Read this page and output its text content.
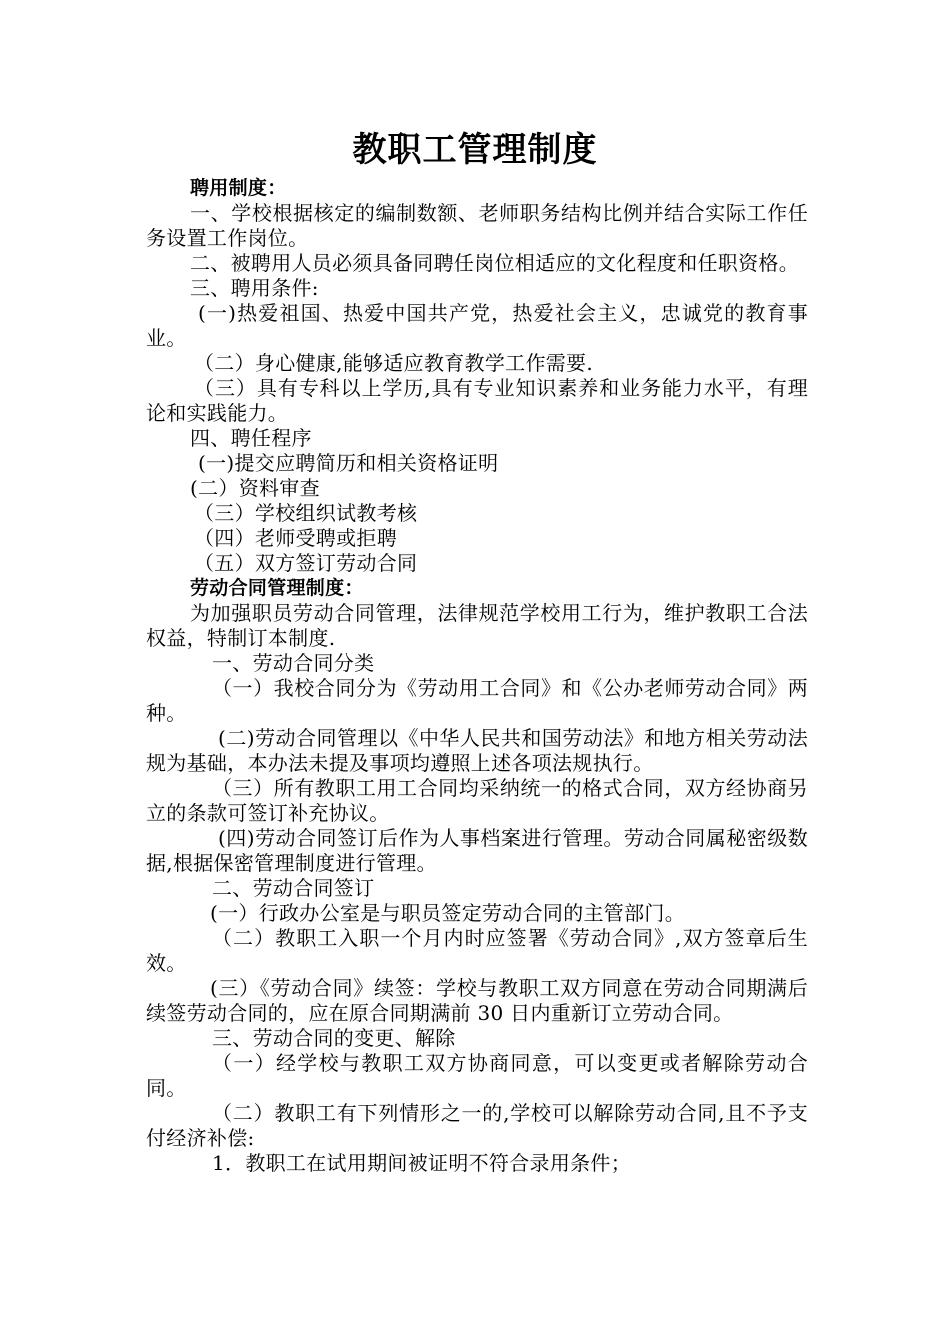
教职工管理制度

聘用制度：

一、学校根据核定的编制数额、老师职务结构比例并结合实际工作任务设置工作岗位。

二、被聘用人员必须具备同聘任岗位相适应的文化程度和任职资格。

三、聘用条件:

(一)热爱祖国、热爱中国共产党，热爱社会主义，忠诚党的教育事业。

（二）身心健康,能够适应教育教学工作需要.

（三）具有专科以上学历,具有专业知识素养和业务能力水平，有理论和实践能力。

四、聘任程序

(一)提交应聘简历和相关资格证明

(二）资料审查

（三）学校组织试教考核

（四）老师受聘或拒聘

（五）双方签订劳动合同

劳动合同管理制度：

为加强职员劳动合同管理，法律规范学校用工行为，维护教职工合法权益，特制订本制度.

一、劳动合同分类

（一）我校合同分为《劳动用工合同》和《公办老师劳动合同》两种。

(二)劳动合同管理以《中华人民共和国劳动法》和地方相关劳动法规为基础，本办法未提及事项均遵照上述各项法规执行。

（三）所有教职工用工合同均采纳统一的格式合同，双方经协商另立的条款可签订补充协议。

(四)劳动合同签订后作为人事档案进行管理。劳动合同属秘密级数据,根据保密管理制度进行管理。

二、劳动合同签订

(一）行政办公室是与职员签定劳动合同的主管部门。

（二）教职工入职一个月内时应签署《劳动合同》,双方签章后生效。

(三）《劳动合同》续签：学校与教职工双方同意在劳动合同期满后续签劳动合同的，应在原合同期满前 30 日内重新订立劳动合同。

三、劳动合同的变更、解除

（一）经学校与教职工双方协商同意，可以变更或者解除劳动合同。

（二）教职工有下列情形之一的,学校可以解除劳动合同,且不予支付经济补偿:

1．教职工在试用期间被证明不符合录用条件；
